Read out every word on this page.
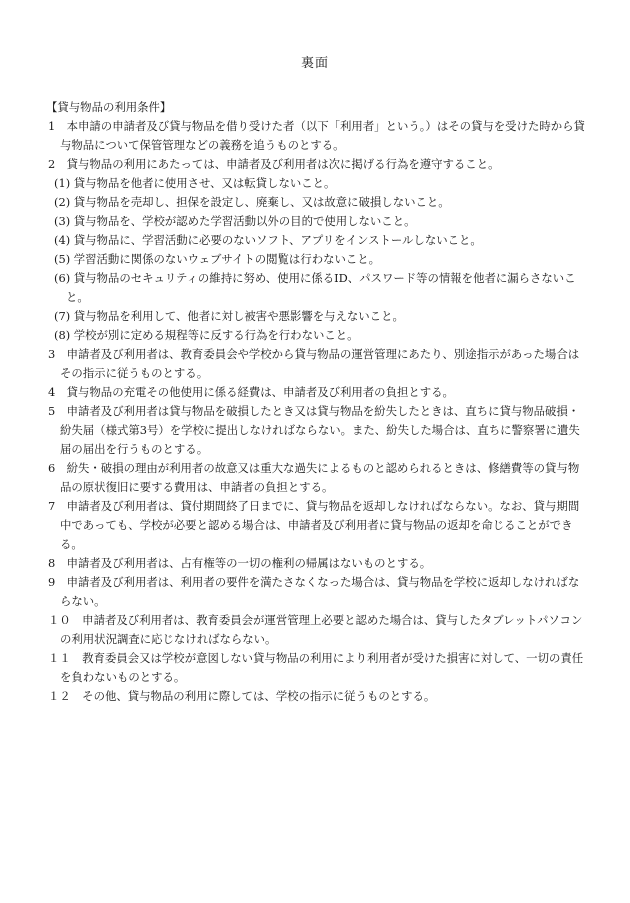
裏面
【貸与物品の利用条件】
1　本申請の申請者及び貸与物品を借り受けた者（以下「利用者」という。）はその貸与を受けた時から貸与物品について保管管理などの義務を追うものとする。
2　貸与物品の利用にあたっては、申請者及び利用者は次に掲げる行為を遵守すること。
(1) 貸与物品を他者に使用させ、又は転貸しないこと。
(2) 貸与物品を売却し、担保を設定し、廃棄し、又は故意に破損しないこと。
(3) 貸与物品を、学校が認めた学習活動以外の目的で使用しないこと。
(4) 貸与物品に、学習活動に必要のないソフト、アプリをインストールしないこと。
(5) 学習活動に関係のないウェブサイトの閲覧は行わないこと。
(6) 貸与物品のセキュリティの維持に努め、使用に係るID、パスワード等の情報を他者に漏らさないこと。
(7) 貸与物品を利用して、他者に対し被害や悪影響を与えないこと。
(8) 学校が別に定める規程等に反する行為を行わないこと。
3　申請者及び利用者は、教育委員会や学校から貸与物品の運営管理にあたり、別途指示があった場合はその指示に従うものとする。
4　貸与物品の充電その他使用に係る経費は、申請者及び利用者の負担とする。
5　申請者及び利用者は貸与物品を破損したとき又は貸与物品を紛失したときは、直ちに貸与物品破損・紛失届（様式第3号）を学校に提出しなければならない。また、紛失した場合は、直ちに警察署に遺失届の届出を行うものとする。
6　紛失・破損の理由が利用者の故意又は重大な過失によるものと認められるときは、修繕費等の貸与物品の原状復旧に要する費用は、申請者の負担とする。
7　申請者及び利用者は、貸付期間終了日までに、貸与物品を返却しなければならない。なお、貸与期間中であっても、学校が必要と認める場合は、申請者及び利用者に貸与物品の返却を命じることができる。
8　申請者及び利用者は、占有権等の一切の権利の帰属はないものとする。
9　申請者及び利用者は、利用者の要件を満たさなくなった場合は、貸与物品を学校に返却しなければならない。
１０　申請者及び利用者は、教育委員会が運営管理上必要と認めた場合は、貸与したタブレットパソコンの利用状況調査に応じなければならない。
１１　教育委員会又は学校が意図しない貸与物品の利用により利用者が受けた損害に対して、一切の責任を負わないものとする。
１２　その他、貸与物品の利用に際しては、学校の指示に従うものとする。
